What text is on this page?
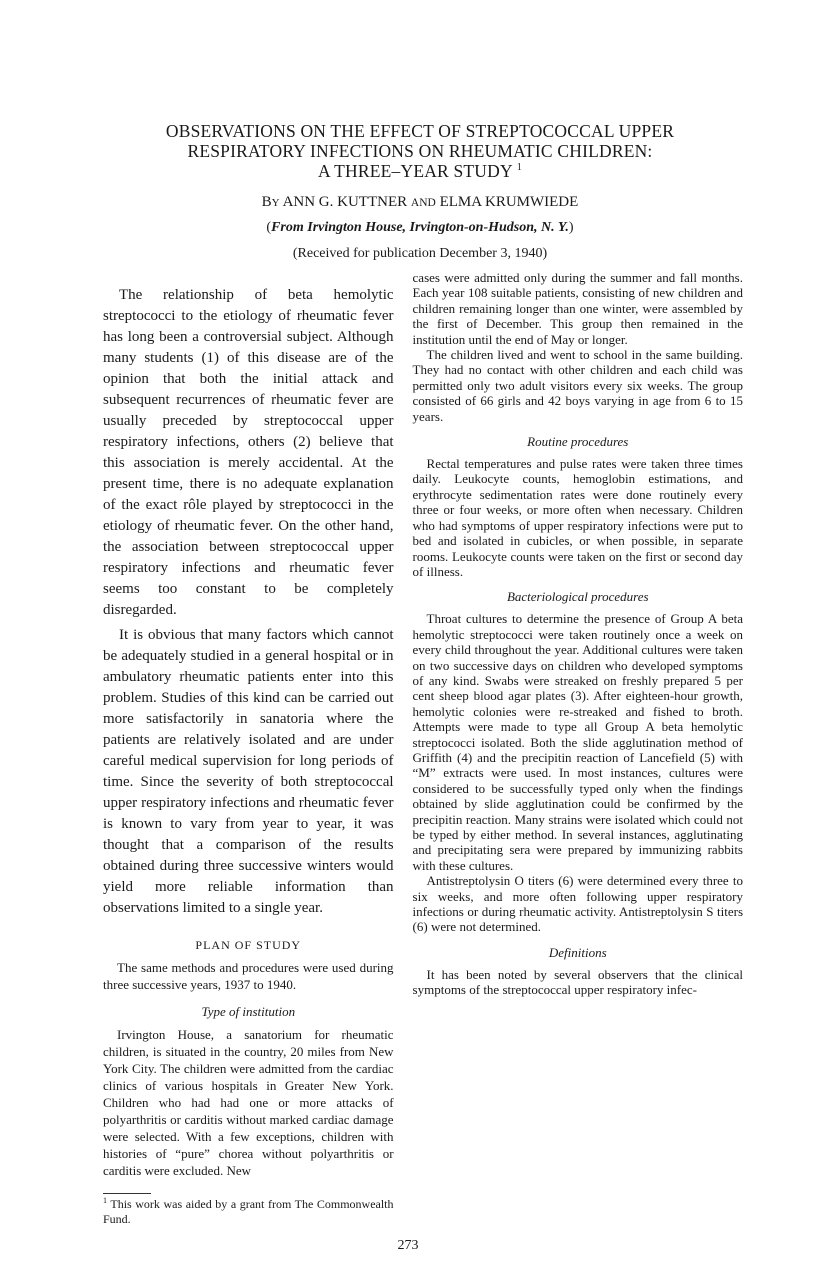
OBSERVATIONS ON THE EFFECT OF STREPTOCOCCAL UPPER
RESPIRATORY INFECTIONS ON RHEUMATIC CHILDREN:
A THREE–YEAR STUDY $^1$
By ANN G. KUTTNER AND ELMA KRUMWIEDE
(From Irvington House, Irvington-on-Hudson, N. Y.)
(Received for publication December 3, 1940)

The relationship of beta hemolytic streptococci to the etiology of rheumatic fever has long been a controversial subject. Although many students (1) of this disease are of the opinion that both the initial attack and subsequent recurrences of rheumatic fever are usually preceded by streptococcal upper respiratory infections, others (2) believe that this association is merely accidental. At the present time, there is no adequate explanation of the exact rôle played by streptococci in the etiology of rheumatic fever. On the other hand, the association between streptococcal upper respiratory infections and rheumatic fever seems too constant to be completely disregarded.

It is obvious that many factors which cannot be adequately studied in a general hospital or in ambulatory rheumatic patients enter into this problem. Studies of this kind can be carried out more satisfactorily in sanatoria where the patients are relatively isolated and are under careful medical supervision for long periods of time. Since the severity of both streptococcal upper respiratory infections and rheumatic fever is known to vary from year to year, it was thought that a comparison of the results obtained during three successive winters would yield more reliable information than observations limited to a single year.

PLAN OF STUDY

The same methods and procedures were used during three successive years, 1937 to 1940.

Type of institution

Irvington House, a sanatorium for rheumatic children, is situated in the country, 20 miles from New York City. The children were admitted from the cardiac clinics of various hospitals in Greater New York. Children who had had one or more attacks of polyarthritis or carditis without marked cardiac damage were selected. With a few exceptions, children with histories of “pure” chorea without polyarthritis or carditis were excluded. New

$^1$ This work was aided by a grant from The Commonwealth Fund.

cases were admitted only during the summer and fall months. Each year 108 suitable patients, consisting of new children and children remaining longer than one winter, were assembled by the first of December. This group then remained in the institution until the end of May or longer.

The children lived and went to school in the same building. They had no contact with other children and each child was permitted only two adult visitors every six weeks. The group consisted of 66 girls and 42 boys varying in age from 6 to 15 years.

Routine procedures

Rectal temperatures and pulse rates were taken three times daily. Leukocyte counts, hemoglobin estimations, and erythrocyte sedimentation rates were done routinely every three or four weeks, or more often when necessary. Children who had symptoms of upper respiratory infections were put to bed and isolated in cubicles, or when possible, in separate rooms. Leukocyte counts were taken on the first or second day of illness.

Bacteriological procedures

Throat cultures to determine the presence of Group A beta hemolytic streptococci were taken routinely once a week on every child throughout the year. Additional cultures were taken on two successive days on children who developed symptoms of any kind. Swabs were streaked on freshly prepared 5 per cent sheep blood agar plates (3). After eighteen-hour growth, hemolytic colonies were re-streaked and fished to broth. Attempts were made to type all Group A beta hemolytic streptococci isolated. Both the slide agglutination method of Griffith (4) and the precipitin reaction of Lancefield (5) with “M” extracts were used. In most instances, cultures were considered to be successfully typed only when the findings obtained by slide agglutination could be confirmed by the precipitin reaction. Many strains were isolated which could not be typed by either method. In several instances, agglutinating and precipitating sera were prepared by immunizing rabbits with these cultures.

Antistreptolysin O titers (6) were determined every three to six weeks, and more often following upper respiratory infections or during rheumatic activity. Antistreptolysin S titers (6) were not determined.

Definitions

It has been noted by several observers that the clinical symptoms of the streptococcal upper respiratory infec-

273
